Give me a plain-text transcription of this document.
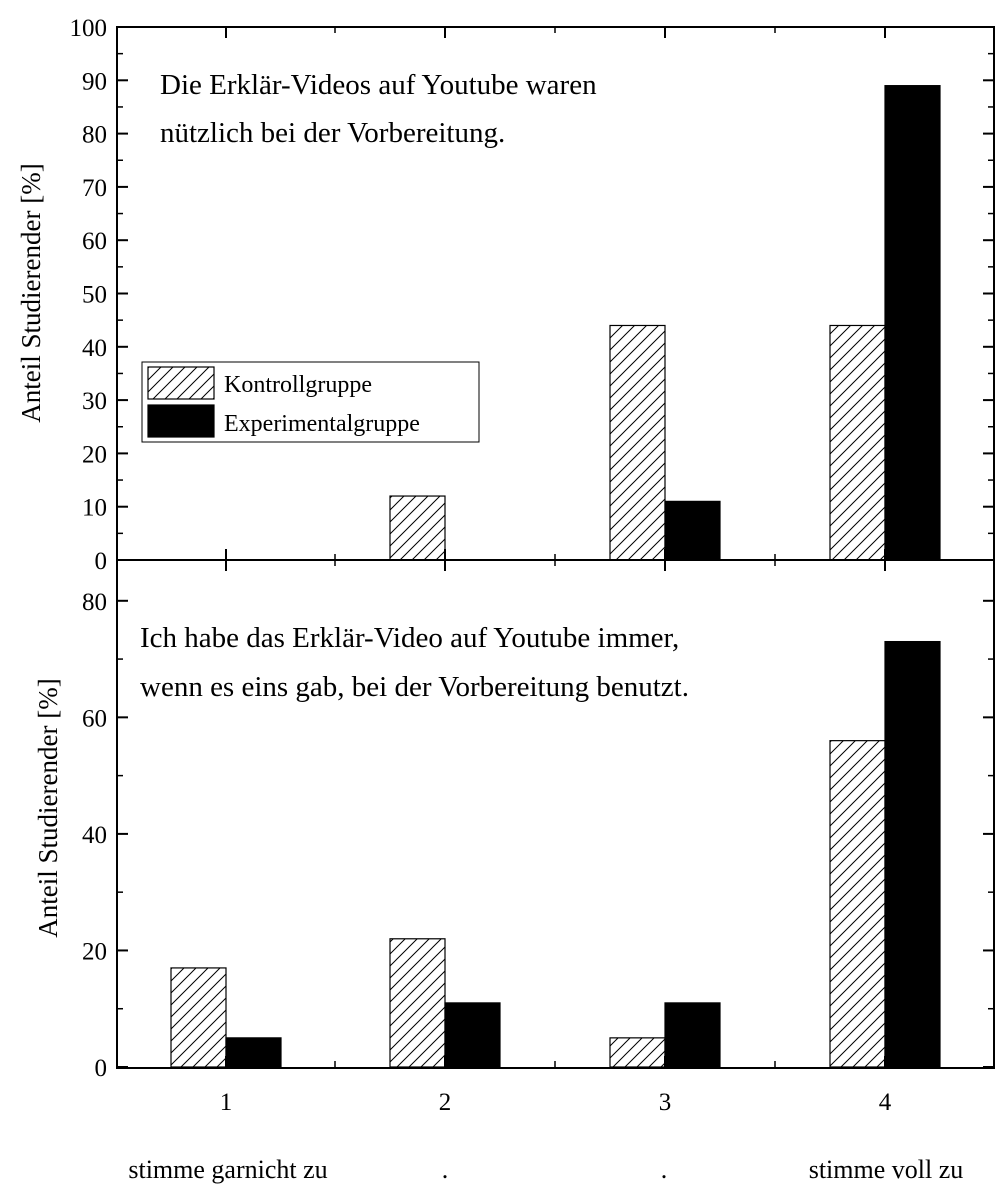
0
10
20
30
40
50
60
70
80
90
100
Anteil Studierender [%]
Die Erklär-Videos auf Youtube waren
nützlich bei der Vorbereitung.
Kontrollgruppe
Experimentalgruppe
0
20
40
60
80
Anteil Studierender [%]
Ich habe das Erklär-Video auf Youtube immer,
wenn es eins gab, bei der Vorbereitung benutzt.
1	2	3	4
stimme garnicht zu	.	.	stimme voll zu
